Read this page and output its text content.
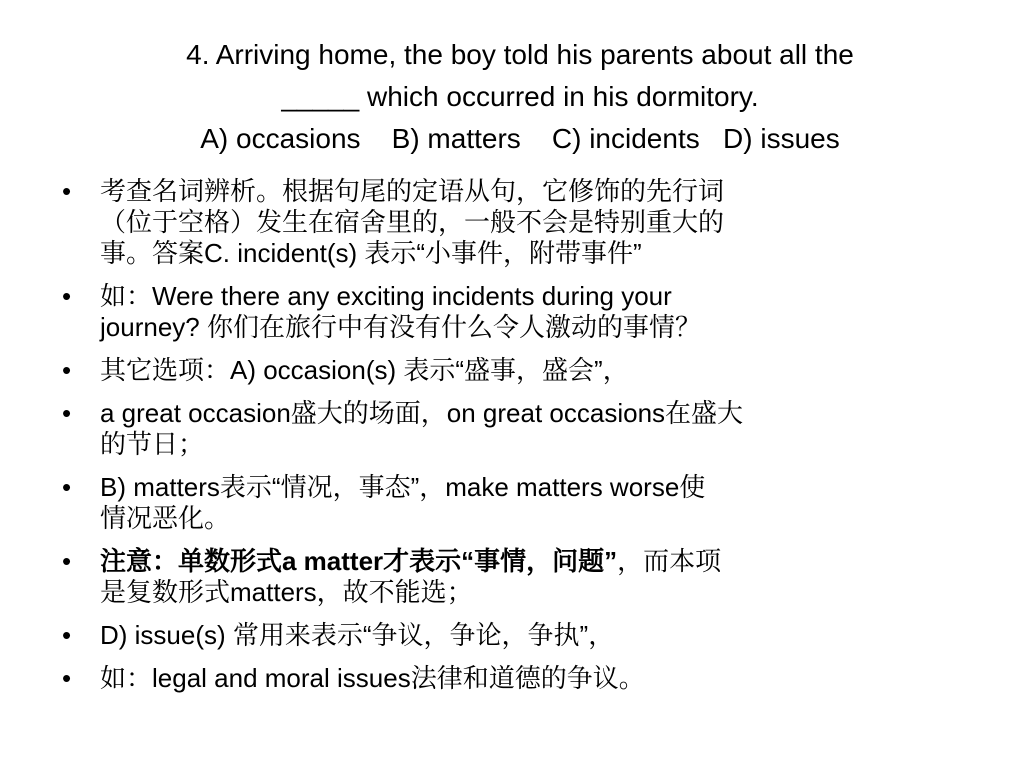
4. Arriving home, the boy told his parents about all the
_____ which occurred in his dormitory.
A) occasions    B) matters    C) incidents   D) issues
• 考查名词辨析。根据句尾的定语从句，它修饰的先行词
（位于空格）发生在宿舍里的，一般不会是特别重大的
事。答案C. incident(s) 表示“小事件，附带事件”
• 如：Were there any exciting incidents during your
journey? 你们在旅行中有没有什么令人激动的事情？
• 其它选项：A) occasion(s) 表示“盛事，盛会”，
• a great occasion盛大的场面，on great occasions在盛大
的节日；
• B) matters表示“情况，事态”，make matters worse使
情况恶化。
• 注意：单数形式a matter才表示“事情，问题”，而本项
是复数形式matters，故不能选；
• D) issue(s) 常用来表示“争议，争论，争执”，
• 如：legal and moral issues法律和道德的争议。
